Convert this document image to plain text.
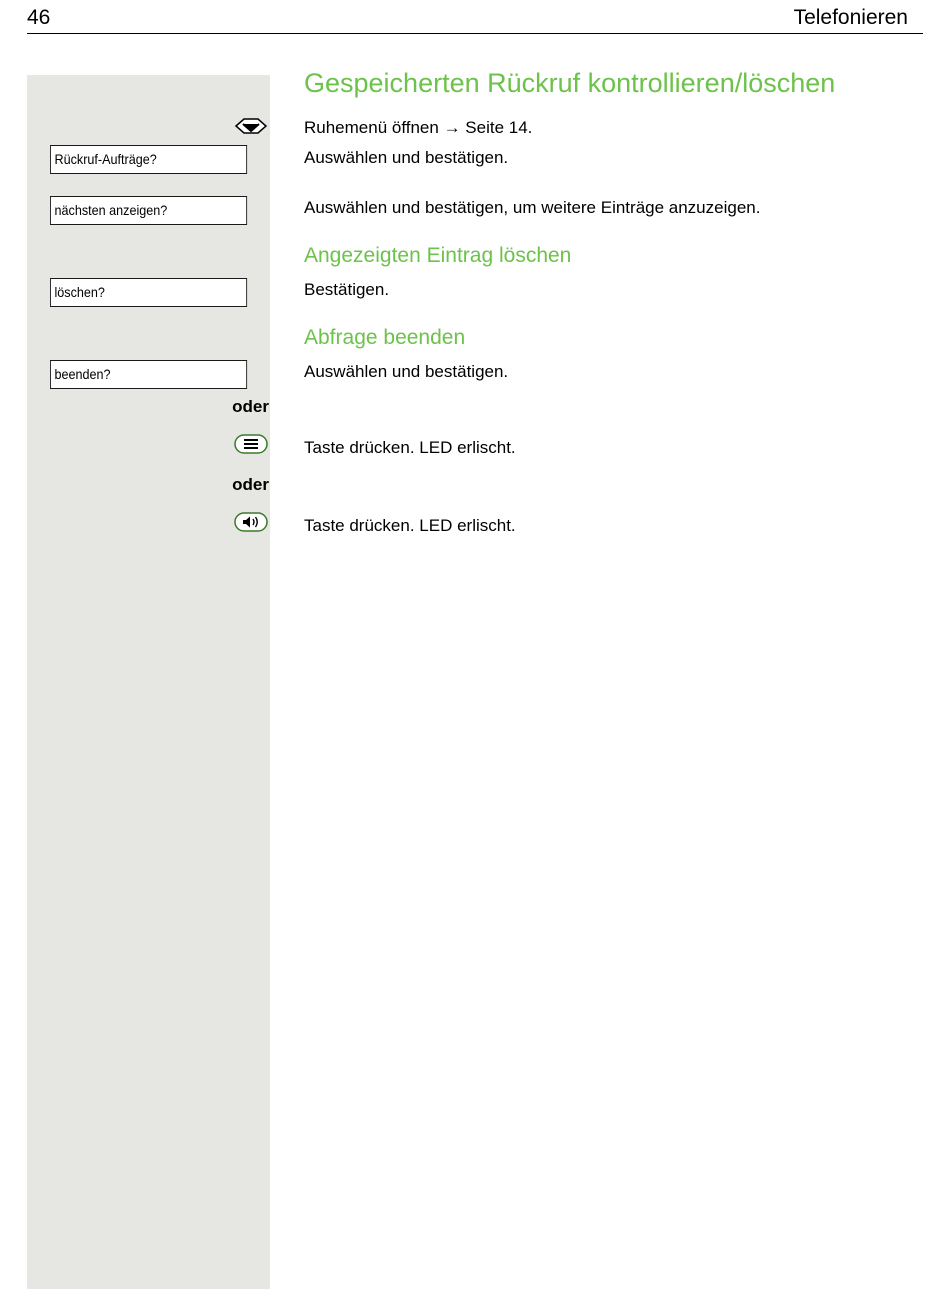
46	Telefonieren
Gespeicherten Rückruf kontrollieren/löschen
Ruhemenü öffnen → Seite 14.
Rückruf-Aufträge?	Auswählen und bestätigen.
nächsten anzeigen?	Auswählen und bestätigen, um weitere Einträge anzuzeigen.
Angezeigten Eintrag löschen
löschen?	Bestätigen.
Abfrage beenden
beenden?	Auswählen und bestätigen.
oder
Taste drücken. LED erlischt.
oder
Taste drücken. LED erlischt.
